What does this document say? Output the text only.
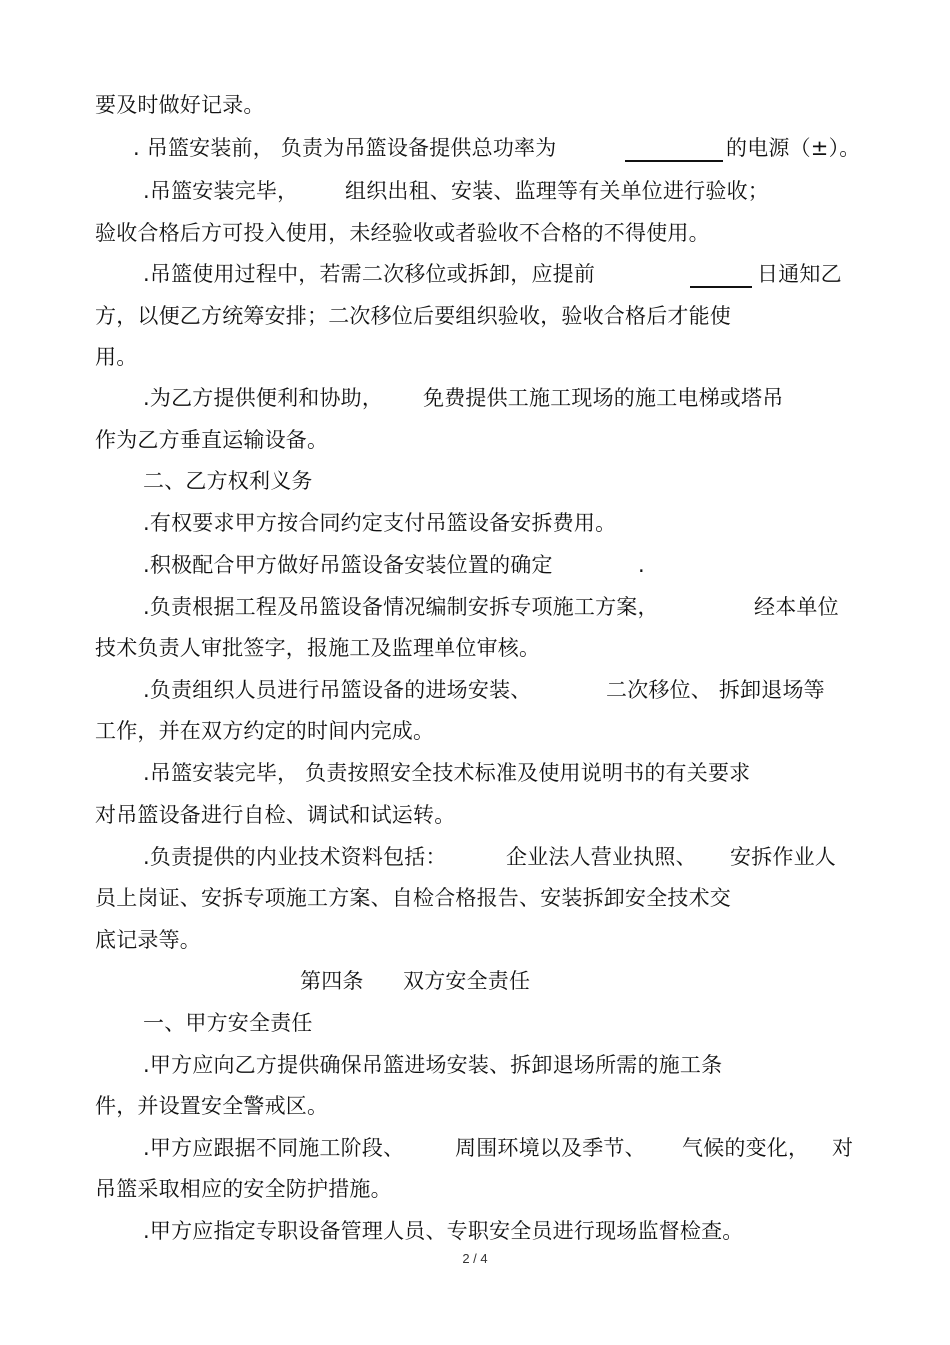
要及时做好记录。
. 吊篮安装前， 负责为吊篮设备提供总功率为	的电源（±）。
.吊篮安装完毕， 组织出租、安装、监理等有关单位进行验收；
验收合格后方可投入使用，未经验收或者验收不合格的不得使用。
.吊篮使用过程中，若需二次移位或拆卸，应提前	日通知乙
方，以便乙方统筹安排；二次移位后要组织验收，验收合格后才能使
用。
.为乙方提供便利和协助， 免费提供工施工现场的施工电梯或塔吊
作为乙方垂直运输设备。
二、乙方权利义务
.有权要求甲方按合同约定支付吊篮设备安拆费用。
.积极配合甲方做好吊篮设备安装位置的确定	.
.负责根据工程及吊篮设备情况编制安拆专项施工方案，	经本单位
技术负责人审批签字，报施工及监理单位审核。
.负责组织人员进行吊篮设备的进场安装、	二次移位、 拆卸退场等
工作，并在双方约定的时间内完成。
.吊篮安装完毕， 负责按照安全技术标准及使用说明书的有关要求
对吊篮设备进行自检、调试和试运转。
.负责提供的内业技术资料包括：	企业法人营业执照、 安拆作业人
员上岗证、安拆专项施工方案、自检合格报告、安装拆卸安全技术交
底记录等。
第四条 双方安全责任
一、甲方安全责任
.甲方应向乙方提供确保吊篮进场安装、拆卸退场所需的施工条
件，并设置安全警戒区。
.甲方应跟据不同施工阶段、 周围环境以及季节、 气候的变化， 对
吊篮采取相应的安全防护措施。
.甲方应指定专职设备管理人员、专职安全员进行现场监督检查。
2 / 4
